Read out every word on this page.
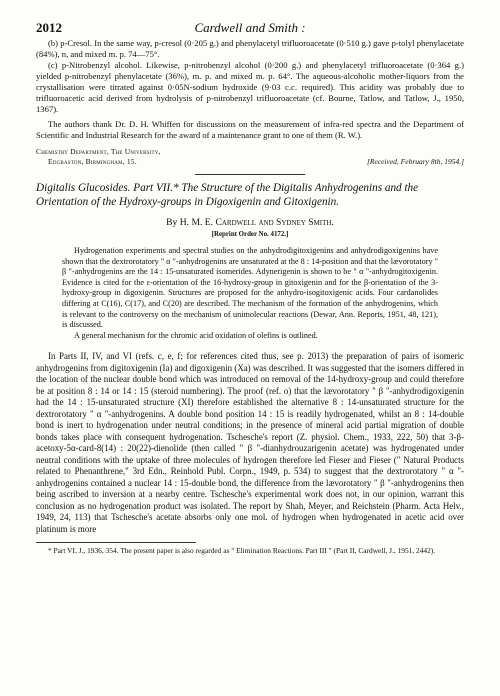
2012	Cardwell and Smith :

(b) p-Cresol. In the same way, p-cresol (0·205 g.) and phenylacetyl trifluoroacetate (0·510 g.) gave p-tolyl phenylacetate (84%), n, and mixed m. p. 74—75°.

(c) p-Nitrobenzyl alcohol. Likewise, p-nitrobenzyl alcohol (0·200 g.) and phenylacetyl trifluoroacetate (0·364 g.) yielded p-nitrobenzyl phenylacetate (36%), m. p. and mixed m. p. 64°. The aqueous-alcoholic mother-liquors from the crystallisation were titrated against 0·05N-sodium hydroxide (9·03 c.c. required). This acidity was probably due to trifluoroacetic acid derived from hydrolysis of p-nitrobenzyl trifluoroacetate (cf. Bourne, Tatlow, and Tatlow, J., 1950, 1367).

The authors thank Dr. D. H. Whiffen for discussions on the measurement of infra-red spectra and the Department of Scientific and Industrial Research for the award of a maintenance grant to one of them (R. W.).

Chemistry Department, The University,
Edgbaston, Birmingham, 15.	[Received, February 8th, 1954.]

Digitalis Glucosides. Part VII.* The Structure of the Digitalis Anhydrogenins and the Orientation of the Hydroxy-groups in Digoxigenin and Gitoxigenin.

By H. M. E. Cardwell and Sydney Smith.
[Reprint Order No. 4172.]

Hydrogenation experiments and spectral studies on the anhydrodigitoxigenins and anhydrodigoxigenins have shown that the dextrorotatory " α "-anhydrogenins are unsaturated at the 8 : 14-position and that the lævorotatory " β "-anhydrogenins are the 14 : 15-unsaturated isomerides. Adynerigenin is shown to be " α "-anhydrogitoxigenin. Evidence is cited for the ε-orientation of the 16-hydroxy-group in gitoxigenin and for the β-orientation of the 3-hydroxy-group in digoxigenin. Structures are proposed for the anhydro-isogitoxigenic acids. Four cardanolides differing at C(16), C(17), and C(20) are described. The mechanism of the formation of the anhydrogenins, which is relevant to the controversy on the mechanism of unimolecular reactions (Dewar, Ann. Reports, 1951, 48, 121), is discussed.

A general mechanism for the chromic acid oxidation of olefins is outlined.

In Parts II, IV, and VI (refs. c, e, f; for references cited thus, see p. 2013) the preparation of pairs of isomeric anhydrogenins from digitoxigenin (Ia) and digoxigenin (Xa) was described. It was suggested that the isomers differed in the location of the nuclear double bond which was introduced on removal of the 14-hydroxy-group and could therefore be at position 8 : 14 or 14 : 15 (steroid numbering). The proof (ref. o) that the lævorotatory " β "-anhydrodigoxigenin had the 14 : 15-unsaturated structure (XI) therefore established the alternative 8 : 14-unsaturated structure for the dextrorotatory " α "-anhydrogenins. A double bond position 14 : 15 is readily hydrogenated, whilst an 8 : 14-double bond is inert to hydrogenation under neutral conditions; in the presence of mineral acid partial migration of double bonds takes place with consequent hydrogenation. Tschesche's report (Z. physiol. Chem., 1933, 222, 50) that 3-β-acetoxy-5α-card-8(14) : 20(22)-dienolide (then called " β "-dianhydrouzarigenin acetate) was hydrogenated under neutral conditions with the uptake of three molecules of hydrogen therefore led Fieser and Fieser (" Natural Products related to Phenanthrene," 3rd Edn., Reinhold Publ. Corpn., 1949, p. 534) to suggest that the dextrorotatory " α "-anhydrogenins contained a nuclear 14 : 15-double bond, the difference from the lævorotatory " β "-anhydrogenins then being ascribed to inversion at a nearby centre. Tschesche's experimental work does not, in our opinion, warrant this conclusion as no hydrogenation product was isolated. The report by Shah, Meyer, and Reichstein (Pharm. Acta Helv., 1949, 24, 113) that Tschesche's acetate absorbs only one mol. of hydrogen when hydrogenated in acetic acid over platinum is more

* Part VI, J., 1936, 354. The present paper is also regarded as " Elimination Reactions. Part III " (Part II, Cardwell, J., 1951, 2442).
